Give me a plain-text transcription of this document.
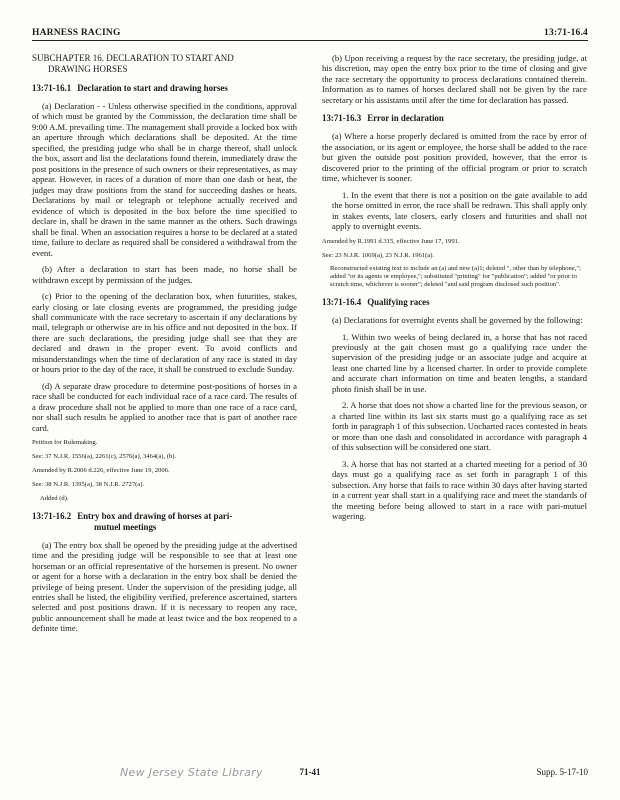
HARNESS RACING	13:71-16.4
SUBCHAPTER 16. DECLARATION TO START AND
DRAWING HORSES
13:71-16.1 Declaration to start and drawing horses

(a) Declaration - - Unless otherwise specified in the conditions, approval of which must be granted by the Commission, the declaration time shall be 9:00 A.M. prevailing time. The management shall provide a locked box with an aperture through which declarations shall be deposited. At the time specified, the presiding judge who shall be in charge thereof, shall unlock the box, assort and list the declarations found therein, immediately draw the post positions in the presence of such owners or their representatives, as may appear. However, in races of a duration of more than one dash or heat, the judges may draw positions from the stand for succeeding dashes or heats. Declarations by mail or telegraph or telephone actually received and evidence of which is deposited in the box before the time specified to declare in, shall be drawn in the same manner as the others. Such drawings shall be final. When an association requires a horse to be declared at a stated time, failure to declare as required shall be considered a withdrawal from the event.

(b) After a declaration to start has been made, no horse shall be withdrawn except by permission of the judges.

(c) Prior to the opening of the declaration box, when futurities, stakes, early closing or late closing events are programmed, the presiding judge shall communicate with the race secretary to ascertain if any declarations by mail, telegraph or otherwise are in his office and not deposited in the box. If there are such declarations, the presiding judge shall see that they are declared and drawn in the proper event. To avoid conflicts and misunderstandings when the time of declaration of any race is stated in day or hours prior to the day of the race, it shall be construed to exclude Sunday.

(d) A separate draw procedure to determine post-positions of horses in a race shall be conducted for each individual race of a race card. The results of a draw procedure shall not be applied to more than one race of a race card, nor shall such results be applied to another race that is part of another race card.

Petition for Rulemaking.

See: 37 N.J.R. 1556(a), 2261(c), 2576(a), 3464(a), (b).

Amended by R.2006 d.226, effective June 19, 2006.

See: 38 N.J.R. 1395(a), 38 N.J.R. 2727(a).

Added (d).

13:71-16.2 Entry box and drawing of horses at pari-
mutuel meetings

(a) The entry box shall be opened by the presiding judge at the advertised time and the presiding judge will be responsible to see that at least one horseman or an official representative of the horsemen is present. No owner or agent for a horse with a declaration in the entry box shall be denied the privilege of being present. Under the supervision of the presiding judge, all entries shall be listed, the eligibility verified, preference ascertained, starters selected and post positions drawn. If it is necessary to reopen any race, public announcement shall be made at least twice and the box reopened to a definite time.

(b) Upon receiving a request by the race secretary, the presiding judge, at his discretion, may open the entry box prior to the time of closing and give the race secretary the opportunity to process declarations contained therein. Information as to names of horses declared shall not be given by the race secretary or his assistants until after the time for declaration has passed.

13:71-16.3 Error in declaration

(a) Where a horse properly declared is omitted from the race by error of the association, or its agent or employee, the horse shall be added to the race but given the outside post position provided, however, that the error is discovered prior to the printing of the official program or prior to scratch time, whichever is sooner.

1. In the event that there is not a position on the gate available to add the horse omitted in error, the race shall be redrawn. This shall apply only in stakes events, late closers, early closers and futurities and shall not apply to overnight events.

Amended by R.1991 d.315, effective June 17, 1991.

See: 23 N.J.R. 1069(a), 23 N.J.R. 1961(a).

Reconstructed existing text to include an (a) and new (a)1; deleted ", other than by telephone,"; added "or its agents or employee,"; substituted "printing" for "publication"; added "or prior to scratch time, whichever is sooner"; deleted "and said program disclosed such position".

13:71-16.4 Qualifying races

(a) Declarations for overnight events shall be governed by the following:

1. Within two weeks of being declared in, a horse that has not raced previously at the gait chosen must go a qualifying race under the supervision of the presiding judge or an associate judge and acquire at least one charted line by a licensed charter. In order to provide complete and accurate chart information on time and beaten lengths, a standard photo finish shall be in use.

2. A horse that does not show a charted line for the previous season, or a charted line within its last six starts must go a qualifying race as set forth in paragraph 1 of this subsection. Uncharted races contested in heats or more than one dash and consolidated in accordance with paragraph 4 of this subsection will be considered one start.

3. A horse that has not started at a charted meeting for a period of 30 days must go a qualifying race as set forth in paragraph 1 of this subsection. Any horse that fails to race within 30 days after having started in a current year shall start in a qualifying race and meet the standards of the meeting before being allowed to start in a race with pari-mutuel wagering.

New Jersey State Library	71-41	Supp. 5-17-10
